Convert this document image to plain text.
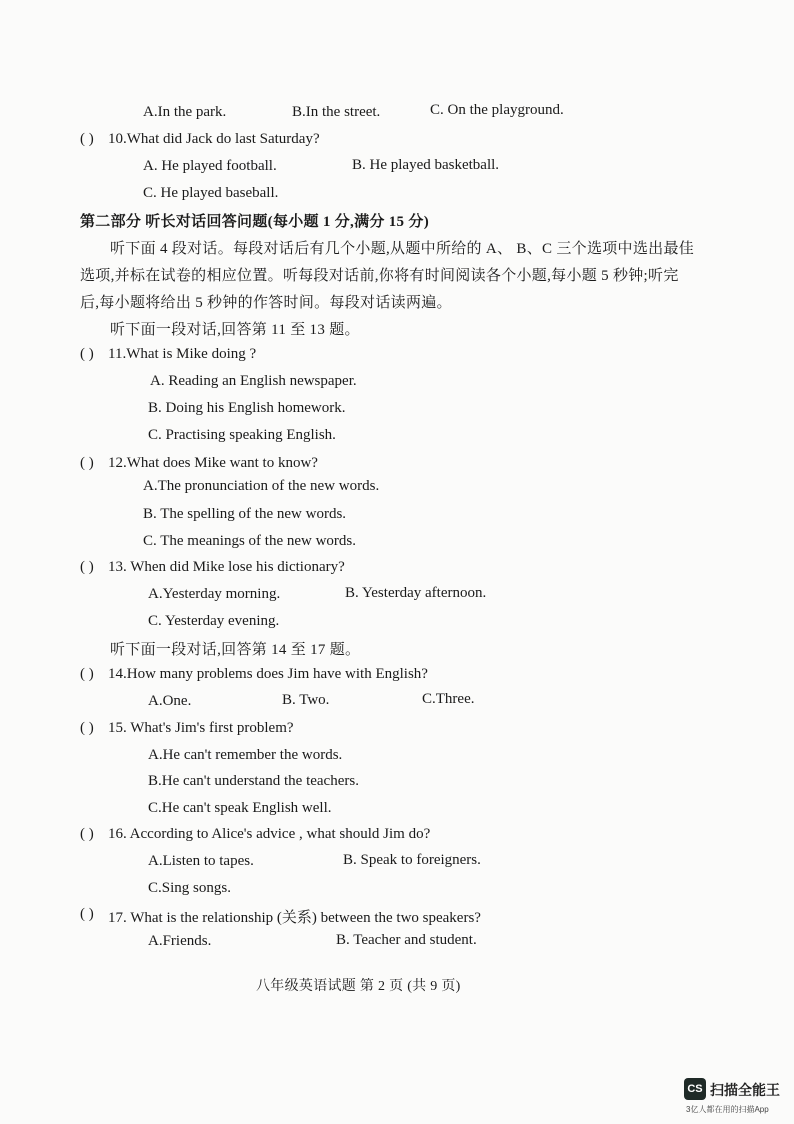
A.In the park.	B.In the street.	C. On the playground.
( ) 10.What did Jack do last Saturday?
A. He played football.	B. He played basketball.
C. He played baseball.
第二部分 听长对话回答问题(每小题 1 分,满分 15 分)
听下面 4 段对话。每段对话后有几个小题,从题中所给的 A、 B、C 三个选项中选出最佳
选项,并标在试卷的相应位置。听每段对话前,你将有时间阅读各个小题,每小题 5 秒钟;听完
后,每小题将给出 5 秒钟的作答时间。每段对话读两遍。
听下面一段对话,回答第 11 至 13 题。
( ) 11.What is Mike doing ?
A. Reading an English newspaper.
B. Doing his English homework.
C. Practising speaking English.
( ) 12.What does Mike want to know?
A.The pronunciation of the new words.
B. The spelling of the new words.
C. The meanings of the new words.
( ) 13. When did Mike lose his dictionary?
A.Yesterday morning.	B. Yesterday afternoon.
C. Yesterday evening.
听下面一段对话,回答第 14 至 17 题。
( ) 14.How many problems does Jim have with English?
A.One.	B. Two.	C.Three.
( ) 15. What's Jim's first problem?
A.He can't remember the words.
B.He can't understand the teachers.
C.He can't speak English well.
( ) 16. According to Alice's advice , what should Jim do?
A.Listen to tapes.	B. Speak to foreigners.
C.Sing songs.
( ) 17. What is the relationship (关系) between the two speakers?
A.Friends.	B. Teacher and student.
八年级英语试题 第 2 页 (共 9 页)
CS 扫描全能王
3亿人都在用的扫描App
